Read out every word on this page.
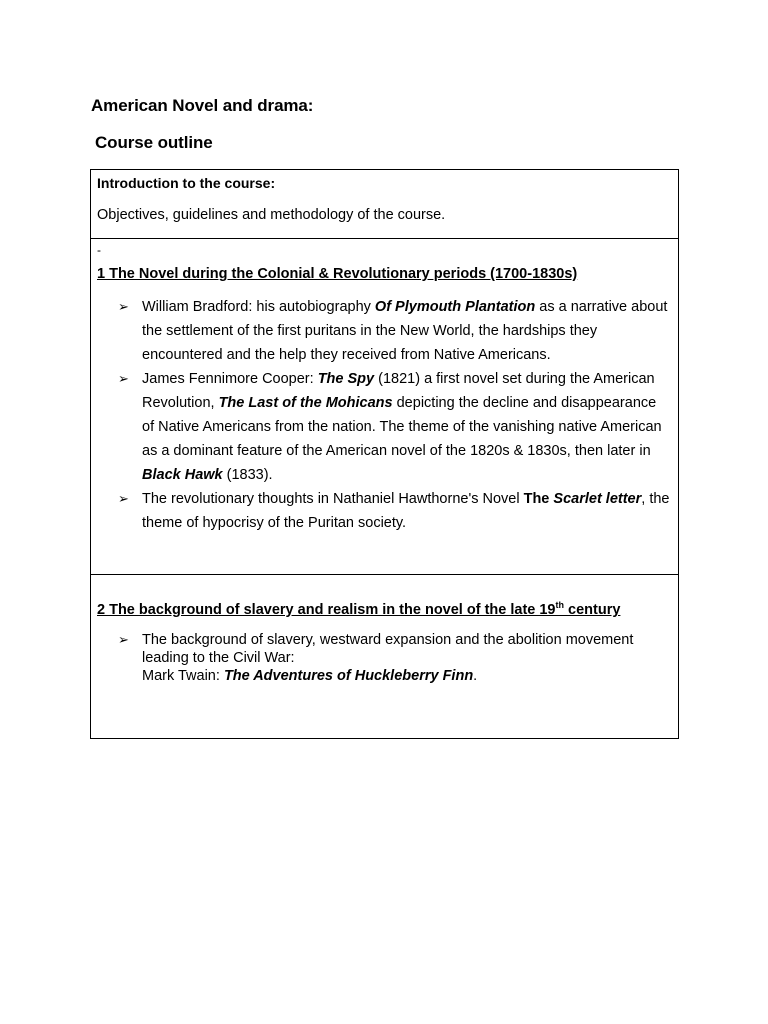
American Novel and drama:
Course outline

Introduction to the course:

Objectives, guidelines and methodology of the course.

-

1 The Novel during the Colonial & Revolutionary periods (1700-1830s)

➢ William Bradford: his autobiography Of Plymouth Plantation as a narrative about the settlement of the first puritans in the New World, the hardships they encountered and the help they received from Native Americans.
➢ James Fennimore Cooper: The Spy (1821) a first novel set during the American Revolution, The Last of the Mohicans depicting the decline and disappearance of Native Americans from the nation. The theme of the vanishing native American as a dominant feature of the American novel of the 1820s & 1830s, then later in Black Hawk (1833).
➢ The revolutionary thoughts in Nathaniel Hawthorne's Novel The Scarlet letter, the theme of hypocrisy of the Puritan society.

2 The background of slavery and realism in the novel of the late 19th century

➢ The background of slavery, westward expansion and the abolition movement leading to the Civil War:
Mark Twain: The Adventures of Huckleberry Finn.
